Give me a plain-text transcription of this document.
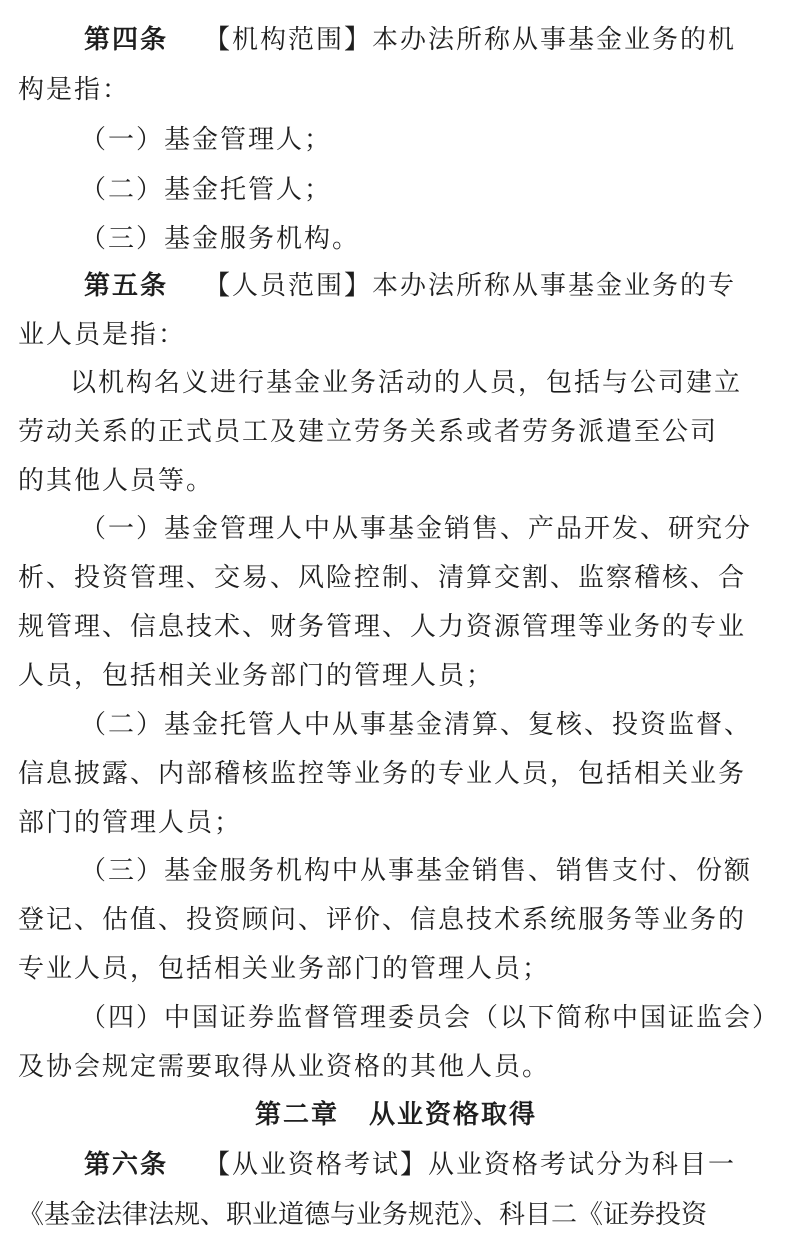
第四条 【机构范围】本办法所称从事基金业务的机
构是指：
（一）基金管理人；
（二）基金托管人；
（三）基金服务机构。
第五条 【人员范围】本办法所称从事基金业务的专
业人员是指：
以机构名义进行基金业务活动的人员，包括与公司建立
劳动关系的正式员工及建立劳务关系或者劳务派遣至公司
的其他人员等。
（一）基金管理人中从事基金销售、产品开发、研究分
析、投资管理、交易、风险控制、清算交割、监察稽核、合
规管理、信息技术、财务管理、人力资源管理等业务的专业
人员，包括相关业务部门的管理人员；
（二）基金托管人中从事基金清算、复核、投资监督、
信息披露、内部稽核监控等业务的专业人员，包括相关业务
部门的管理人员；
（三）基金服务机构中从事基金销售、销售支付、份额
登记、估值、投资顾问、评价、信息技术系统服务等业务的
专业人员，包括相关业务部门的管理人员；
（四）中国证券监督管理委员会（以下简称中国证监会）
及协会规定需要取得从业资格的其他人员。
第二章 从业资格取得
第六条 【从业资格考试】从业资格考试分为科目一
《基金法律法规、职业道德与业务规范》、科目二《证券投资
